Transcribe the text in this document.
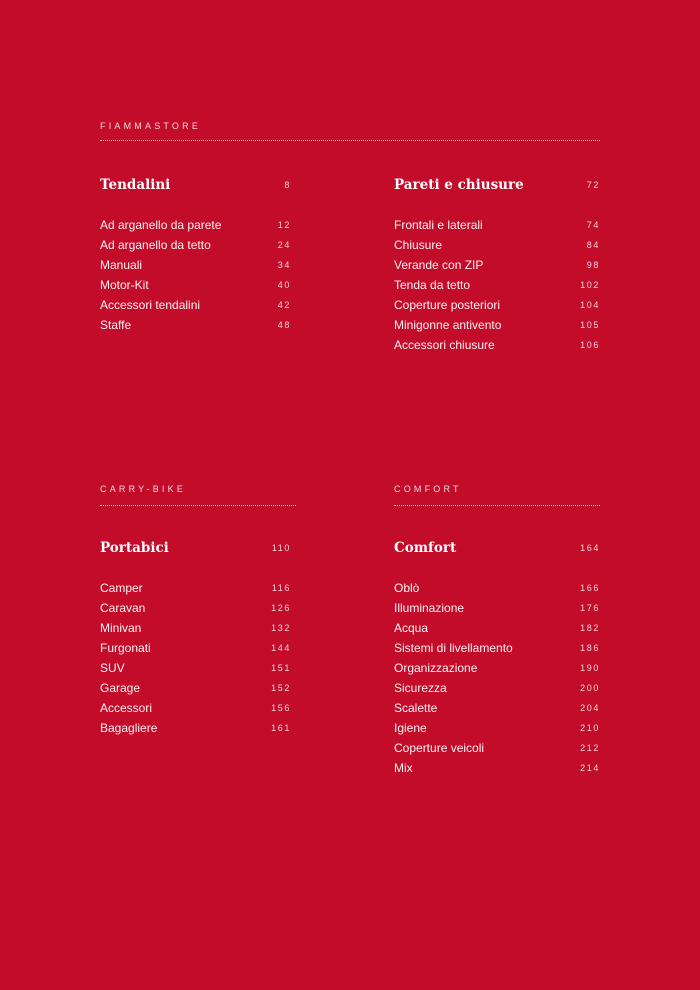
FIAMMASTORE
Tendalini	8
Ad arganello da parete	12
Ad arganello da tetto	24
Manuali	34
Motor-Kit	40
Accessori tendalini	42
Staffe	48
Pareti e chiusure	72
Frontali e laterali	74
Chiusure	84
Verande con ZIP	98
Tenda da tetto	102
Coperture posteriori	104
Minigonne antivento	105
Accessori chiusure	106
CARRY-BIKE	COMFORT
Portabici	110
Camper	116
Caravan	126
Minivan	132
Furgonati	144
SUV	151
Garage	152
Accessori	156
Bagagliere	161
Comfort	164
Oblò	166
Illuminazione	176
Acqua	182
Sistemi di livellamento	186
Organizzazione	190
Sicurezza	200
Scalette	204
Igiene	210
Coperture veicoli	212
Mix	214
